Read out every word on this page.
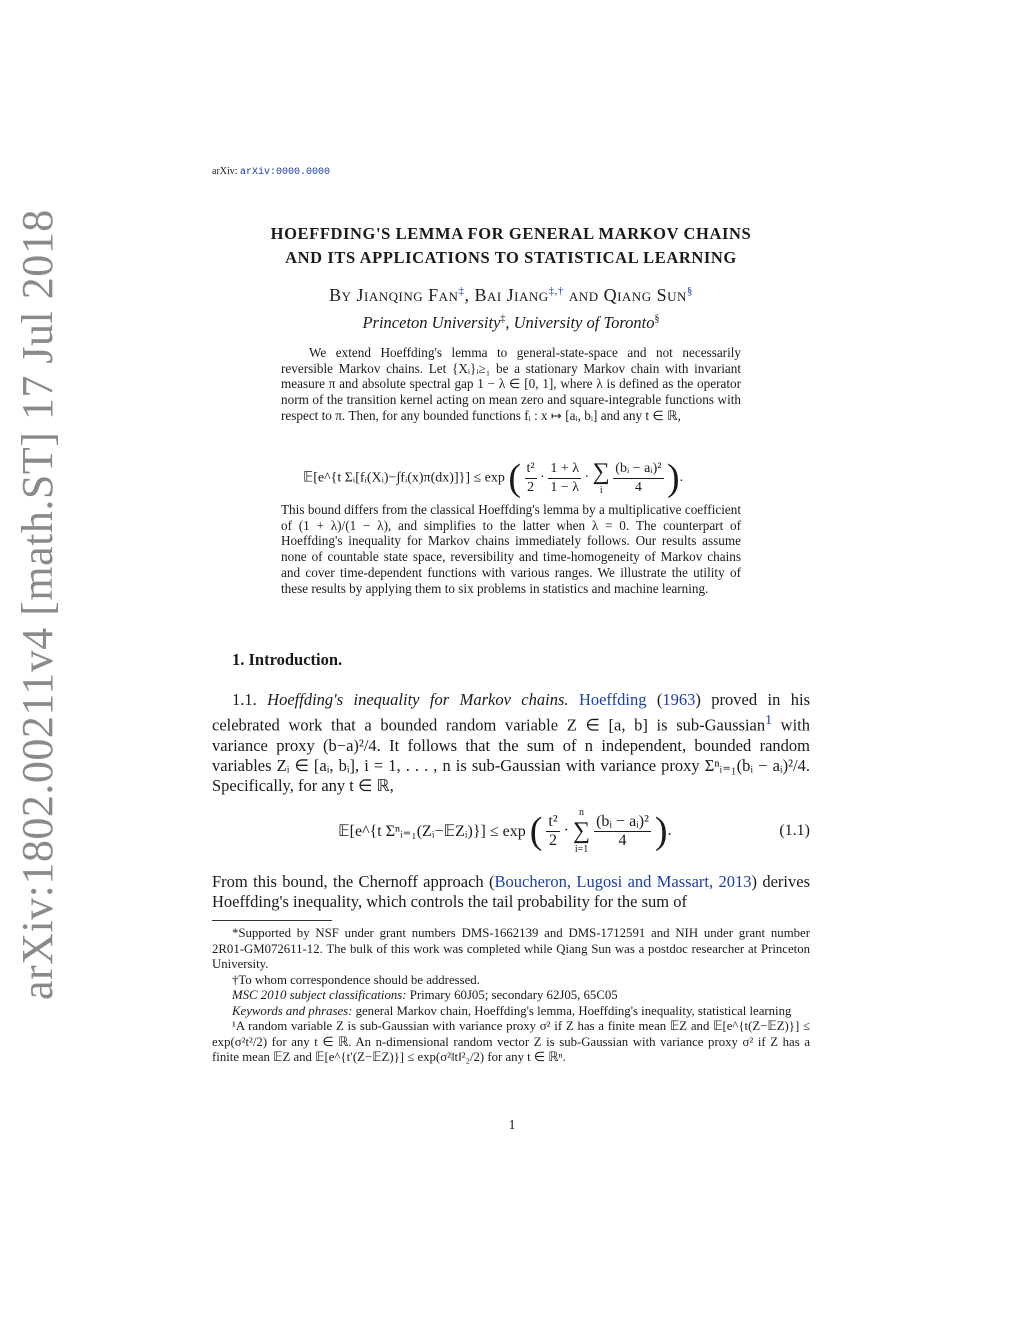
arXiv:1802.00211v4 [math.ST] 17 Jul 2018
arXiv: arXiv:0000.0000
HOEFFDING'S LEMMA FOR GENERAL MARKOV CHAINS
AND ITS APPLICATIONS TO STATISTICAL LEARNING
By Jianqing Fan‡, Bai Jiang‡,† and Qiang Sun§
Princeton University‡, University of Toronto§
We extend Hoeffding's lemma to general-state-space and not necessarily reversible Markov chains. Let {Xᵢ}ᵢ≥₁ be a stationary Markov chain with invariant measure π and absolute spectral gap 1 − λ ∈ [0, 1], where λ is defined as the operator norm of the transition kernel acting on mean zero and square-integrable functions with respect to π. Then, for any bounded functions fᵢ : x ↦ [aᵢ, bᵢ] and any t ∈ ℝ,
𝔼[e^{t Σᵢ[fᵢ(Xᵢ)−∫fᵢ(x)π(dx)]}] ≤ exp ( $\frac{\text{t²}}{2} \cdot \frac{1 + \lambda}{1 - \lambda}$ · ∑
i $\frac{\text{(bᵢ − aᵢ)²}}{4}$ ).
This bound differs from the classical Hoeffding's lemma by a multiplicative coefficient of (1 + λ)/(1 − λ), and simplifies to the latter when λ = 0. The counterpart of Hoeffding's inequality for Markov chains immediately follows. Our results assume none of countable state space, reversibility and time-homogeneity of Markov chains and cover time-dependent functions with various ranges. We illustrate the utility of these results by applying them to six problems in statistics and machine learning.
1. Introduction.
1.1. Hoeffding's inequality for Markov chains. Hoeffding (1963) proved in his celebrated work that a bounded random variable Z ∈ [a, b] is sub-Gaussian$^1$ with variance proxy (b−a)²/4. It follows that the sum of n independent, bounded random variables Zᵢ ∈ [aᵢ, bᵢ], i = 1, . . . , n is sub-Gaussian with variance proxy Σⁿᵢ₌₁(bᵢ − aᵢ)²/4. Specifically, for any t ∈ ℝ,
𝔼[e^{t Σⁿᵢ₌₁(Zᵢ−𝔼Zᵢ)}] ≤ exp ( $\frac{\text{t²}}{2} \cdot n$
∑
$i=1 \frac{\text{(bᵢ − aᵢ)²}}{4}$ ).	(1.1)
From this bound, the Chernoff approach (Boucheron, Lugosi and Massart, 2013) derives Hoeffding's inequality, which controls the tail probability for the sum of

*Supported by NSF under grant numbers DMS-1662139 and DMS-1712591 and NIH under grant number 2R01-GM072611-12. The bulk of this work was completed while Qiang Sun was a postdoc researcher at Princeton University.

†To whom correspondence should be addressed.

MSC 2010 subject classifications: Primary 60J05; secondary 62J05, 65C05

Keywords and phrases: general Markov chain, Hoeffding's lemma, Hoeffding's inequality, statistical learning

¹A random variable Z is sub-Gaussian with variance proxy σ² if Z has a finite mean 𝔼Z and 𝔼[e^{t(Z−𝔼Z)}] ≤ exp(σ²t²/2) for any t ∈ ℝ. An n-dimensional random vector Z is sub-Gaussian with variance proxy σ² if Z has a finite mean 𝔼Z and 𝔼[e^{t′(Z−𝔼Z)}] ≤ exp(σ²‖t‖²₂/2) for any t ∈ ℝⁿ.

1
